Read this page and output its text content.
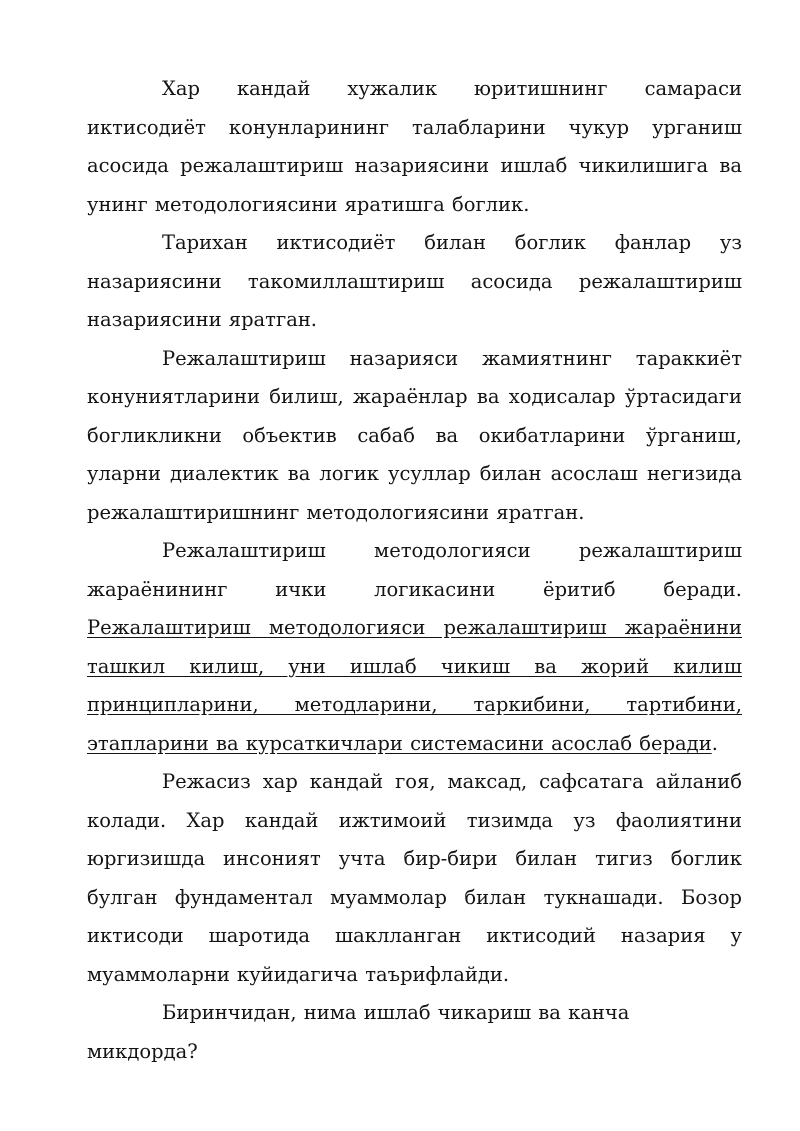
Хар кандай хужалик юритишнинг самараси иктисодиёт конунларининг талабларини чукур урганиш асосида режалаштириш назариясини ишлаб чикилишига ва унинг методологиясини яратишга боглик.

Тарихан иктисодиёт билан боглик фанлар уз назариясини такомиллаштириш асосида режалаштириш назариясини яратган.

Режалаштириш назарияси жамиятнинг тараккиёт конуниятларини билиш, жараёнлар ва ходисалар ўртасидаги богликликни объектив сабаб ва окибатларини ўрганиш, уларни диалектик ва логик усуллар билан асослаш негизида режалаштиришнинг методологиясини яратган.

Режалаштириш методологияси режалаштириш жараёнининг ички логикасини ёритиб беради. Режалаштириш методологияси режалаштириш жараёнини ташкил килиш, уни ишлаб чикиш ва жорий килиш принципларини, методларини, таркибини, тартибини, этапларини ва курсаткичлари системасини асослаб беради.

Режасиз хар кандай гоя, максад, сафсатага айланиб колади. Хар кандай ижтимоий тизимда уз фаолиятини юргизишда инсоният учта бир-бири билан тигиз боглик булган фундаментал муаммолар билан тукнашади. Бозор иктисоди шаротида шаклланган иктисодий назария у муаммоларни куйидагича таърифлайди.

Биринчидан, нима ишлаб чикариш ва канча микдорда?
